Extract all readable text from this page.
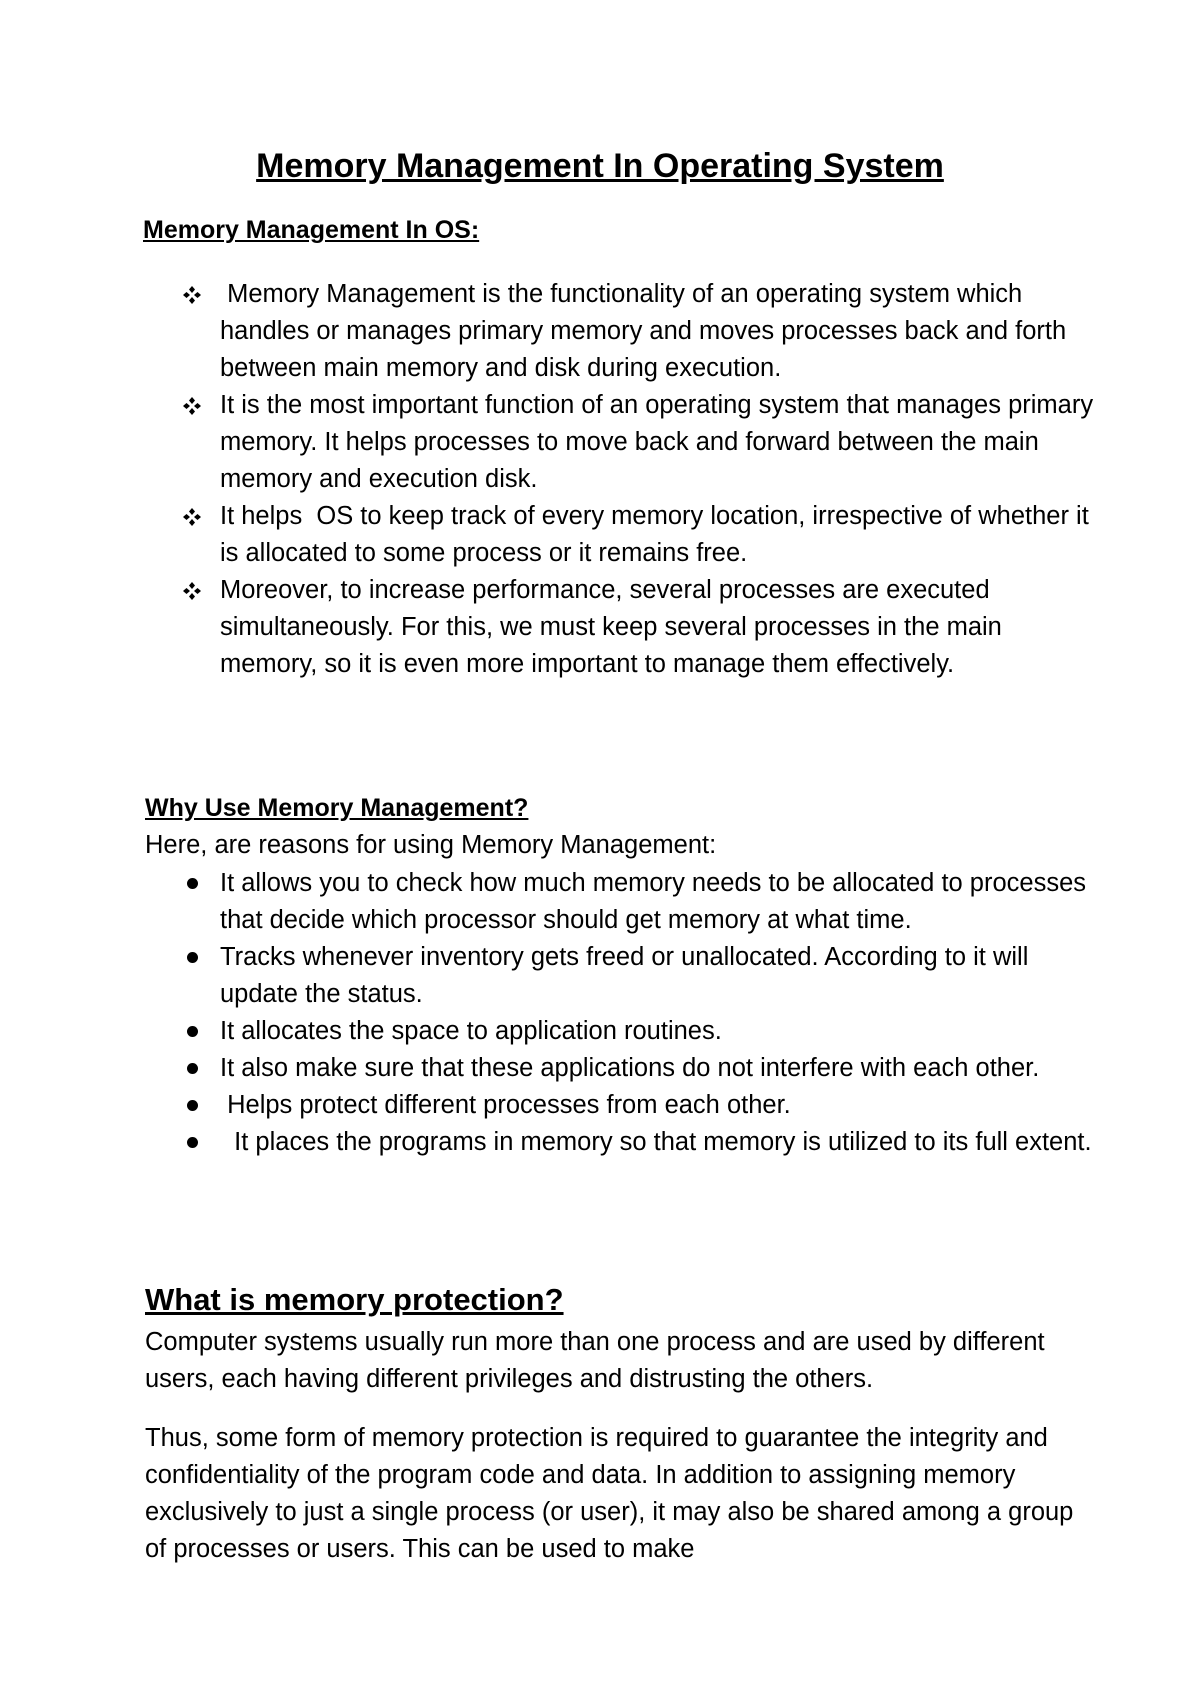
Memory Management In Operating System
Memory Management In OS:
Memory Management is the functionality of an operating system which handles or manages primary memory and moves processes back and forth between main memory and disk during execution.
It is the most important function of an operating system that manages primary memory. It helps processes to move back and forward between the main memory and execution disk.
It helps  OS to keep track of every memory location, irrespective of whether it is allocated to some process or it remains free.
Moreover, to increase performance, several processes are executed simultaneously. For this, we must keep several processes in the main memory, so it is even more important to manage them effectively.
Why Use Memory Management?

Here, are reasons for using Memory Management:

It allows you to check how much memory needs to be allocated to processes that decide which processor should get memory at what time.
Tracks whenever inventory gets freed or unallocated. According to it will update the status.
It allocates the space to application routines.
It also make sure that these applications do not interfere with each other.
Helps protect different processes from each other.
It places the programs in memory so that memory is utilized to its full extent.
What is memory protection?

Computer systems usually run more than one process and are used by different users, each having different privileges and distrusting the others.

Thus, some form of memory protection is required to guarantee the integrity and confidentiality of the program code and data. In addition to assigning memory exclusively to just a single process (or user), it may also be shared among a group of processes or users. This can be used to make
